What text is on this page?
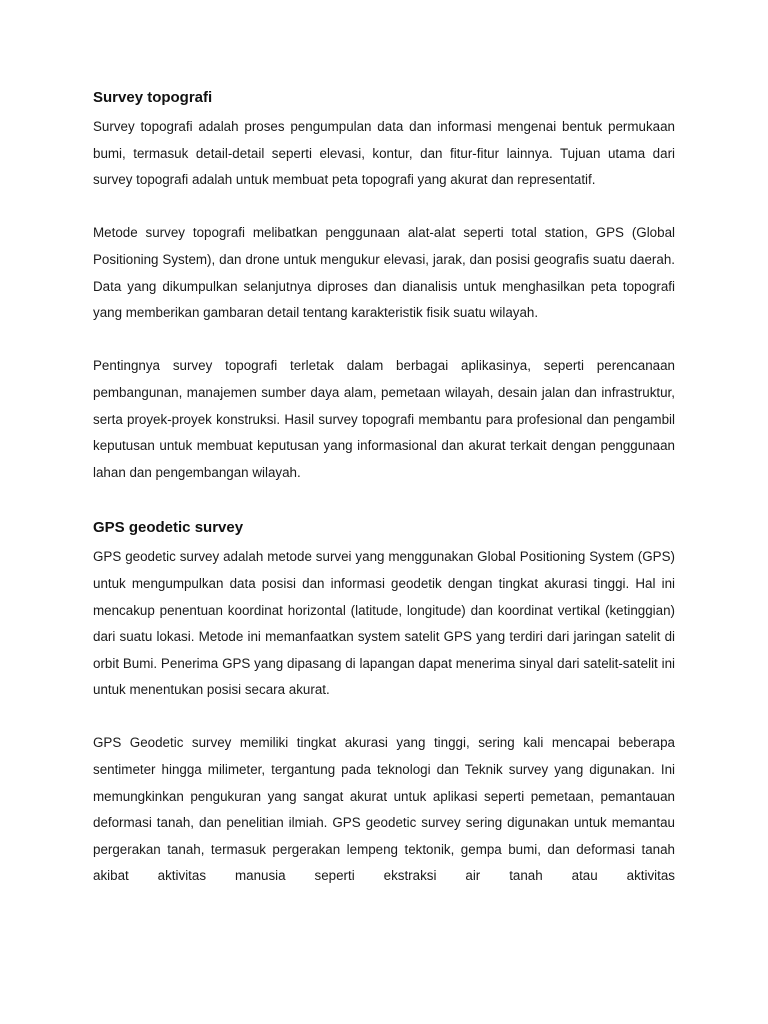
Survey topografi

Survey topografi adalah proses pengumpulan data dan informasi mengenai bentuk permukaan bumi, termasuk detail-detail seperti elevasi, kontur, dan fitur-fitur lainnya. Tujuan utama dari survey topografi adalah untuk membuat peta topografi yang akurat dan representatif.

Metode survey topografi melibatkan penggunaan alat-alat seperti total station, GPS (Global Positioning System), dan drone untuk mengukur elevasi, jarak, dan posisi geografis suatu daerah. Data yang dikumpulkan selanjutnya diproses dan dianalisis untuk menghasilkan peta topografi yang memberikan gambaran detail tentang karakteristik fisik suatu wilayah.

Pentingnya survey topografi terletak dalam berbagai aplikasinya, seperti perencanaan pembangunan, manajemen sumber daya alam, pemetaan wilayah, desain jalan dan infrastruktur, serta proyek-proyek konstruksi. Hasil survey topografi membantu para profesional dan pengambil keputusan untuk membuat keputusan yang informasional dan akurat terkait dengan penggunaan lahan dan pengembangan wilayah.

GPS geodetic survey

GPS geodetic survey adalah metode survei yang menggunakan Global Positioning System (GPS) untuk mengumpulkan data posisi dan informasi geodetik dengan tingkat akurasi tinggi. Hal ini mencakup penentuan koordinat horizontal (latitude, longitude) dan koordinat vertikal (ketinggian) dari suatu lokasi. Metode ini memanfaatkan system satelit GPS yang terdiri dari jaringan satelit di orbit Bumi. Penerima GPS yang dipasang di lapangan dapat menerima sinyal dari satelit-satelit ini untuk menentukan posisi secara akurat.

GPS Geodetic survey memiliki tingkat akurasi yang tinggi, sering kali mencapai beberapa sentimeter hingga milimeter, tergantung pada teknologi dan Teknik survey yang digunakan. Ini memungkinkan pengukuran yang sangat akurat untuk aplikasi seperti pemetaan, pemantauan deformasi tanah, dan penelitian ilmiah. GPS geodetic survey sering digunakan untuk memantau pergerakan tanah, termasuk pergerakan lempeng tektonik, gempa bumi, dan deformasi tanah akibat aktivitas manusia seperti ekstraksi air tanah atau aktivitas
